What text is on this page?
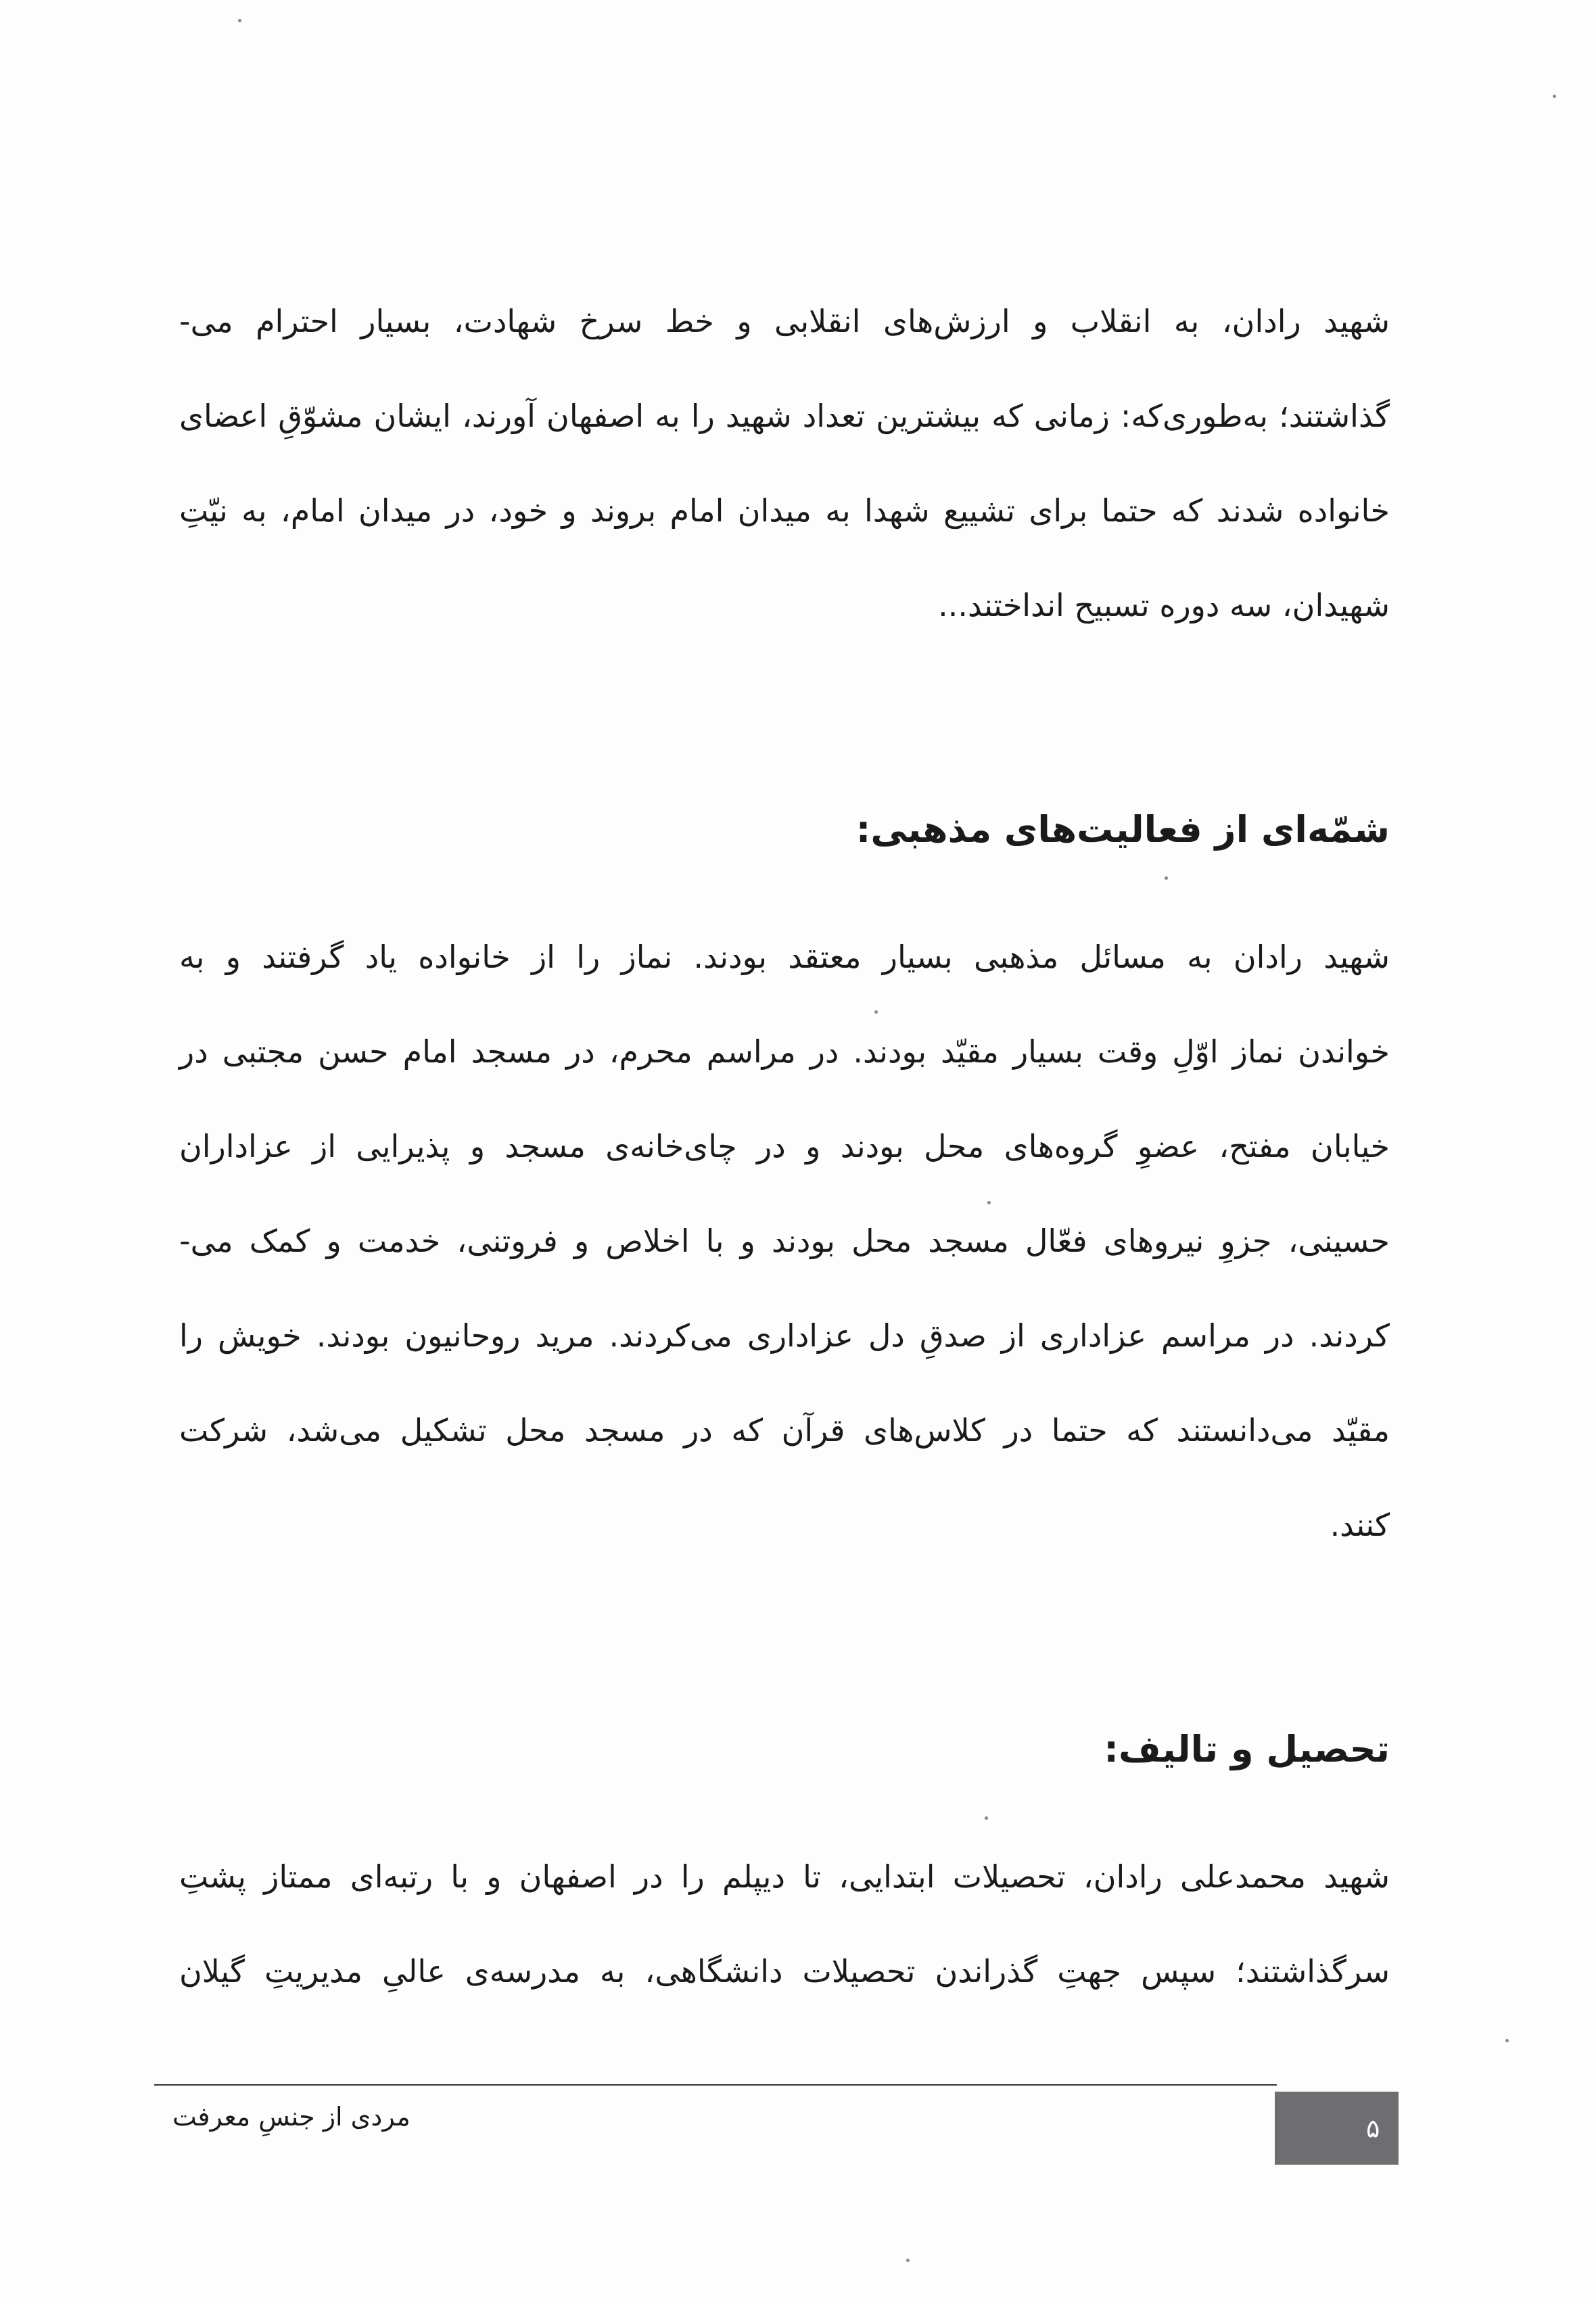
شهید رادان، به انقلاب و ارزش‌های انقلابی و خط سرخ شهادت، بسیار احترام می-
گذاشتند؛ به‌طوری‌که: زمانی که بیشترین تعداد شهید را به اصفهان آورند، ایشان مشوّقِ اعضای
خانواده شدند که حتما برای تشییع شهدا به میدان امام بروند و خود، در میدان امام، به نیّتِ
شهیدان، سه دوره تسبیح انداختند...
شمّه‌ای از فعالیت‌های مذهبی:
شهید رادان به مسائل مذهبی بسیار معتقد بودند. نماز را از خانواده یاد گرفتند و به
خواندن نماز اوّلِ وقت بسیار مقیّد بودند. در مراسم محرم، در مسجد امام حسن مجتبی در
خیابان مفتح، عضوِ گروه‌های محل بودند و در چای‌خانه‌ی مسجد و پذیرایی از عزاداران
حسینی، جزوِ نیروهای فعّال مسجد محل بودند و با اخلاص و فروتنی، خدمت و کمک می-
کردند. در مراسم عزاداری از صدقِ دل عزاداری می‌کردند. مرید روحانیون بودند. خویش را
مقیّد می‌دانستند که حتما در کلاس‌های قرآن که در مسجد محل تشکیل می‌شد، شرکت
کنند.
تحصیل و تالیف:
شهید محمدعلی رادان، تحصیلات ابتدایی، تا دیپلم را در اصفهان و با رتبه‌ای ممتاز پشتِ
سرگذاشتند؛ سپس جهتِ گذراندن تحصیلات دانشگاهی، به مدرسه‌ی عالیِ مدیریتِ گیلان
مردی از جنسِ معرفت	۵
